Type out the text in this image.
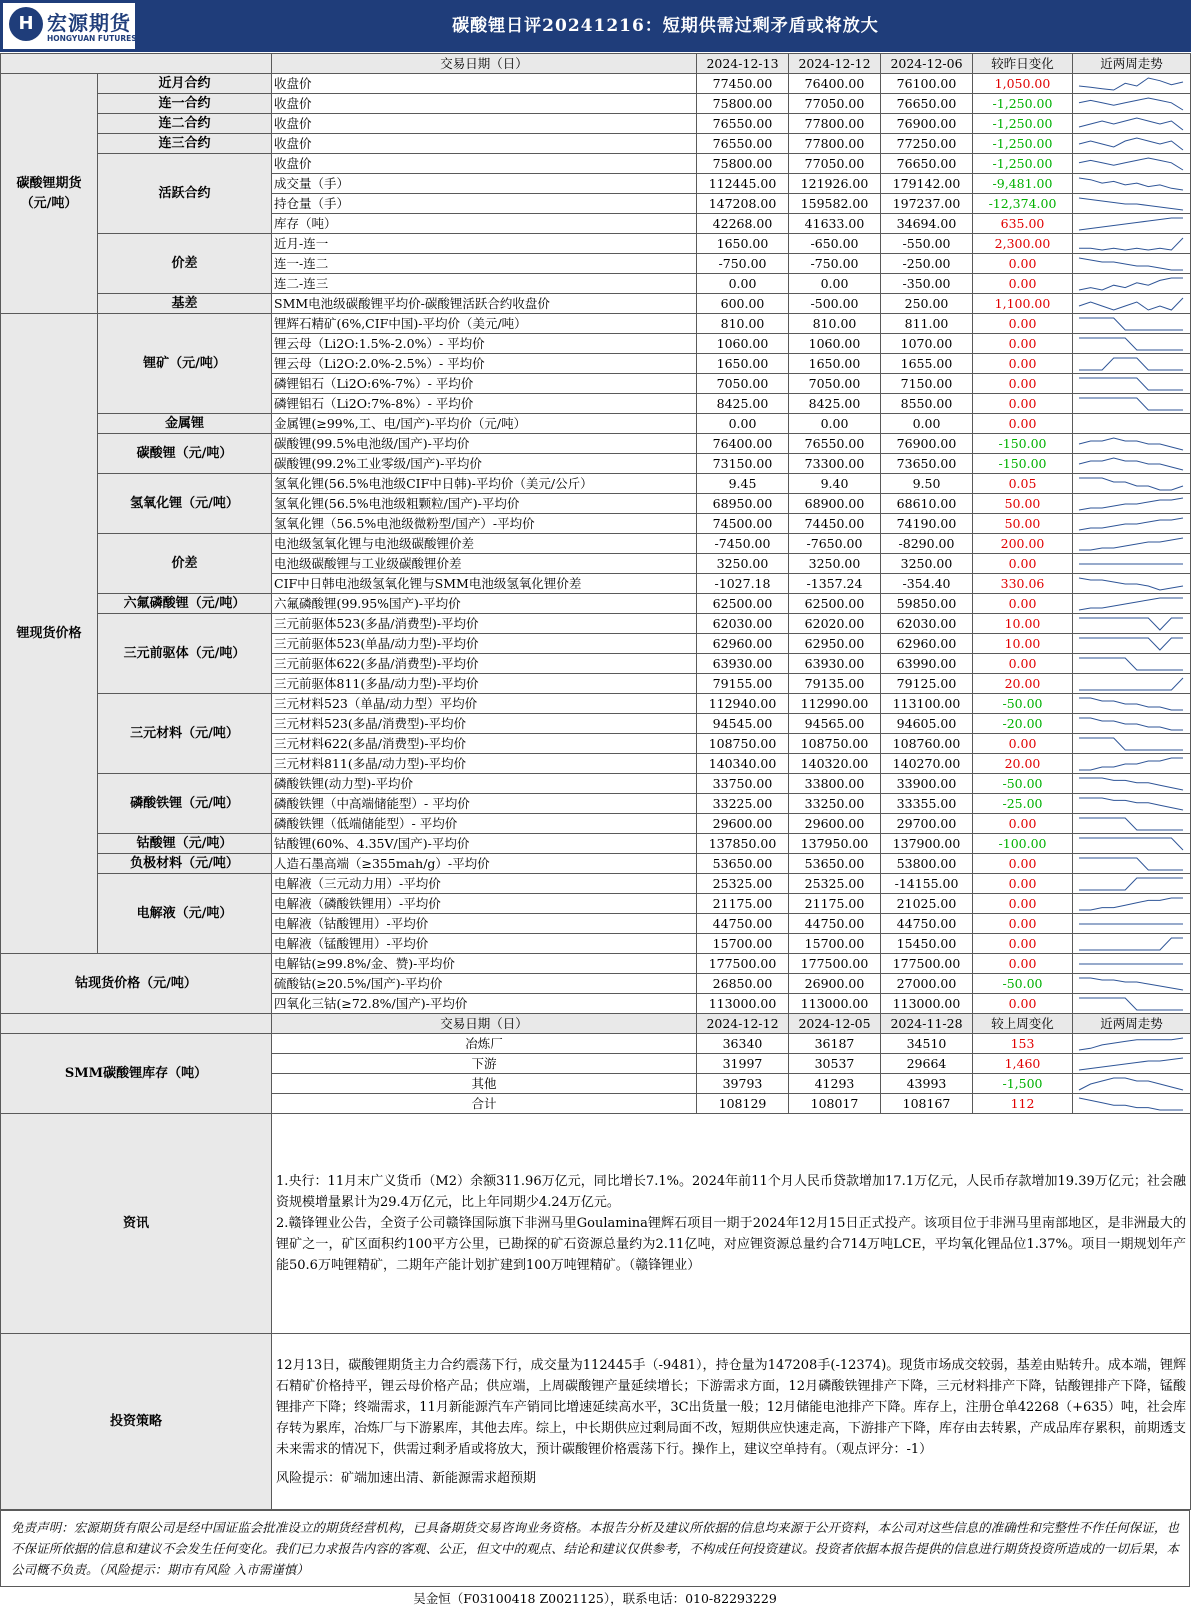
H 宏源期货
HONGYUAN FUTURES
碳酸锂日评20241216：短期供需过剩矛盾或将放大
		交易日期（日）	2024-12-13	2024-12-12	2024-12-06	较昨日变化	近两周走势
碳酸锂期货 （元/吨）	近月合约	收盘价	77450.00	76400.00	76100.00	1,050.00	

	连一合约	收盘价	75800.00	77050.00	76650.00	-1,250.00	

	连二合约	收盘价	76550.00	77800.00	76900.00	-1,250.00	

	连三合约	收盘价	76550.00	77800.00	77250.00	-1,250.00	

	活跃合约	收盘价	75800.00	77050.00	76650.00	-1,250.00	

		成交量（手）	112445.00	121926.00	179142.00	-9,481.00	

		持仓量（手）	147208.00	159582.00	197237.00	-12,374.00	

		库存（吨）	42268.00	41633.00	34694.00	635.00	

	价差	近月-连一	1650.00	-650.00	-550.00	2,300.00	

		连一-连二	-750.00	-750.00	-250.00	0.00	

		连二-连三	0.00	0.00	-350.00	0.00	

	基差	SMM电池级碳酸锂平均价-碳酸锂活跃合约收盘价	600.00	-500.00	250.00	1,100.00	

锂现货价格	锂矿（元/吨）	锂辉石精矿(6%,CIF中国)-平均价（美元/吨）	810.00	810.00	811.00	0.00	

		锂云母（Li2O:1.5%-2.0%）- 平均价	1060.00	1060.00	1070.00	0.00	

		锂云母（Li2O:2.0%-2.5%）- 平均价	1650.00	1650.00	1655.00	0.00	

		磷锂铝石（Li2O:6%-7%）- 平均价	7050.00	7050.00	7150.00	0.00	

		磷锂铝石（Li2O:7%-8%）- 平均价	8425.00	8425.00	8550.00	0.00	

	金属锂	金属锂(≥99%,工、电/国产)-平均价（元/吨）	0.00	0.00	0.00	0.00	

	碳酸锂（元/吨）	碳酸锂(99.5%电池级/国产)-平均价	76400.00	76550.00	76900.00	-150.00	

		碳酸锂(99.2%工业零级/国产)-平均价	73150.00	73300.00	73650.00	-150.00	

	氢氧化锂（元/吨）	氢氧化锂(56.5%电池级CIF中日韩)-平均价（美元/公斤）	9.45	9.40	9.50	0.05	

		氢氧化锂(56.5%电池级粗颗粒/国产)-平均价	68950.00	68900.00	68610.00	50.00	

		氢氧化锂（56.5%电池级微粉型/国产）-平均价	74500.00	74450.00	74190.00	50.00	

	价差	电池级氢氧化锂与电池级碳酸锂价差	-7450.00	-7650.00	-8290.00	200.00	

		电池级碳酸锂与工业级碳酸锂价差	3250.00	3250.00	3250.00	0.00	

		CIF中日韩电池级氢氧化锂与SMM电池级氢氧化锂价差	-1027.18	-1357.24	-354.40	330.06	

	六氟磷酸锂（元/吨）	六氟磷酸锂(99.95%国产)-平均价	62500.00	62500.00	59850.00	0.00	

	三元前驱体（元/吨）	三元前驱体523(多晶/消费型)-平均价	62030.00	62020.00	62030.00	10.00	

		三元前驱体523(单晶/动力型)-平均价	62960.00	62950.00	62960.00	10.00	

		三元前驱体622(多晶/消费型)-平均价	63930.00	63930.00	63990.00	0.00	

		三元前驱体811(多晶/动力型)-平均价	79155.00	79135.00	79125.00	20.00	

	三元材料（元/吨）	三元材料523（单晶/动力型）平均价	112940.00	112990.00	113100.00	-50.00	

		三元材料523(多晶/消费型)-平均价	94545.00	94565.00	94605.00	-20.00	

		三元材料622(多晶/消费型)-平均价	108750.00	108750.00	108760.00	0.00	

		三元材料811(多晶/动力型)-平均价	140340.00	140320.00	140270.00	20.00	

	磷酸铁锂（元/吨）	磷酸铁锂(动力型)-平均价	33750.00	33800.00	33900.00	-50.00	

		磷酸铁锂（中高端储能型）- 平均价	33225.00	33250.00	33355.00	-25.00	

		磷酸铁锂（低端储能型）- 平均价	29600.00	29600.00	29700.00	0.00	

	钴酸锂（元/吨）	钴酸锂(60%、4.35V/国产)-平均价	137850.00	137950.00	137900.00	-100.00	

	负极材料（元/吨）	人造石墨高端（≥355mah/g）-平均价	53650.00	53650.00	53800.00	0.00	

	电解液（元/吨）	电解液（三元动力用）-平均价	25325.00	25325.00	-14155.00	0.00	

		电解液（磷酸铁锂用）-平均价	21175.00	21175.00	21025.00	0.00	

		电解液（钴酸锂用）-平均价	44750.00	44750.00	44750.00	0.00	

		电解液（锰酸锂用）-平均价	15700.00	15700.00	15450.00	0.00	

钴现货价格（元/吨）		电解钴(≥99.8%/金、赞)-平均价	177500.00	177500.00	177500.00	0.00	

		硫酸钴(≥20.5%/国产)-平均价	26850.00	26900.00	27000.00	-50.00	

		四氧化三钴(≥72.8%/国产)-平均价	113000.00	113000.00	113000.00	0.00	

		交易日期（日）	2024-12-12	2024-12-05	2024-11-28	较上周变化	近两周走势
SMM碳酸锂库存（吨）		冶炼厂	36340	36187	34510	153	

		下游	31997	30537	29664	1,460	

		其他	39793	41293	43993	-1,500	

		合计	108129	108017	108167	112	

资讯		1.央行：11月末广义货币（M2）余额311.96万亿元，同比增长7.1%。2024年前11个月人民币贷款增加17.1万亿元，人民币存款增加19.39万亿元；社会融资规模增量累计为29.4万亿元，比上年同期少4.24万亿元。
2.赣锋锂业公告，全资子公司赣锋国际旗下非洲马里Goulamina锂辉石项目一期于2024年12月15日正式投产。该项目位于非洲马里南部地区，是非洲最大的锂矿之一，矿区面积约100平方公里，已勘探的矿石资源总量约为2.11亿吨，对应锂资源总量约合714万吨LCE，平均氧化锂品位1.37%。项目一期规划年产能50.6万吨锂精矿，二期年产能计划扩建到100万吨锂精矿。（赣锋锂业）					

投资策略		12月13日，碳酸锂期货主力合约震荡下行，成交量为112445手（-9481），持仓量为147208手(-12374)。现货市场成交较弱，基差由贴转升。成本端，锂辉石精矿价格持平，锂云母价格产品；供应端，上周碳酸锂产量延续增长；下游需求方面，12月磷酸铁锂排产下降，三元材料排产下降，钴酸锂排产下降，锰酸锂排产下降；终端需求，11月新能源汽车产销同比增速延续高水平，3C出货量一般；12月储能电池排产下降。库存上，注册仓单42268（+635）吨，社会库存转为累库，冶炼厂与下游累库，其他去库。综上，中长期供应过剩局面不改，短期供应快速走高，下游排产下降，库存由去转累，产成品库存累积，前期透支未来需求的情况下，供需过剩矛盾或将放大，预计碳酸锂价格震荡下行。操作上，建议空单持有。（观点评分：-1）
风险提示：矿端加速出清、新能源需求超预期					
免责声明：宏源期货有限公司是经中国证监会批准设立的期货经营机构，已具备期货交易咨询业务资格。本报告分析及建议所依据的信息均来源于公开资料，本公司对这些信息的准确性和完整性不作任何保证，也不保证所依据的信息和建议不会发生任何变化。我们已力求报告内容的客观、公正，但文中的观点、结论和建议仅供参考，不构成任何投资建议。投资者依据本报告提供的信息进行期货投资所造成的一切后果，本公司概不负责。（风险提示：期市有风险 入市需谨慎）
吴金恒（F03100418 Z0021125），联系电话：010-82293229
